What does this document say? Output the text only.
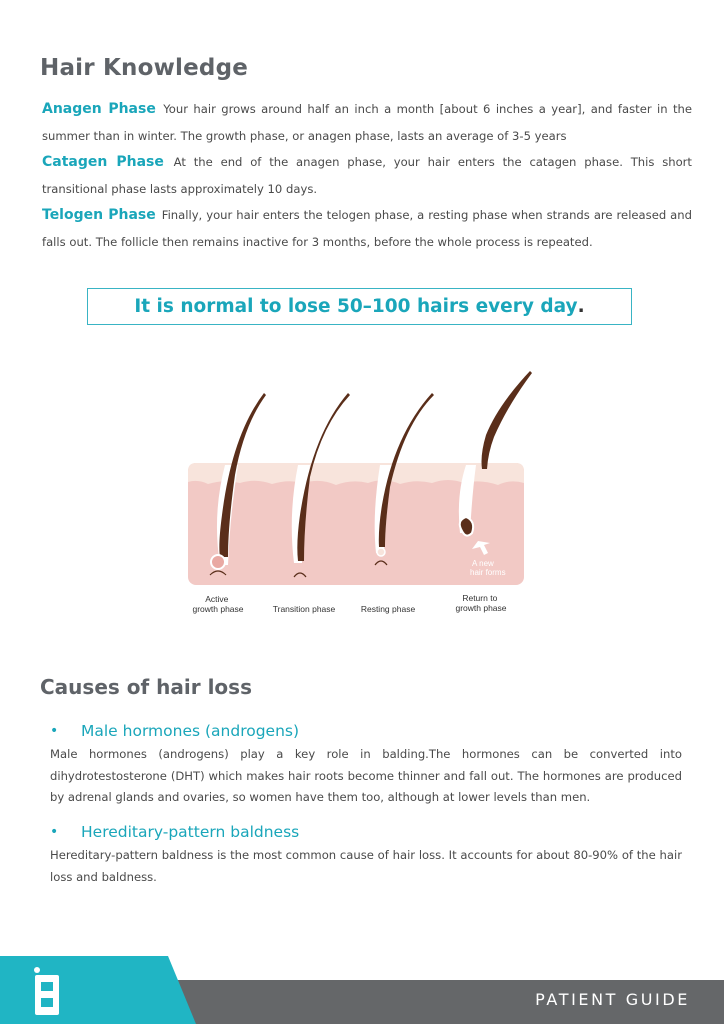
Hair Knowledge

Anagen Phase Your hair grows around half an inch a month [about 6 inches a year], and faster in the summer than in winter. The growth phase, or anagen phase, lasts an average of 3-5 years

Catagen Phase At the end of the anagen phase, your hair enters the catagen phase. This short transitional phase lasts approximately 10 days.

Telogen Phase Finally, your hair enters the telogen phase, a resting phase when strands are released and falls out. The follicle then remains inactive for 3 months, before the whole process is repeated.

It is normal to lose 50–100 hairs every day .
A new hair forms
Active growth phase	Transition phase	Resting phase
Return to growth phase
Causes of hair loss
•	Male hormones (androgens)

Male hormones (androgens) play a key role in balding.The hormones can be converted into dihydrotestosterone (DHT) which makes hair roots become thinner and fall out. The hormones are produced by adrenal glands and ovaries, so women have them too, although at lower levels than men.

•	Hereditary-pattern baldness

Hereditary-pattern baldness is the most common cause of hair loss. It accounts for about 80-90% of the hair loss and baldness.

PATIENT GUIDE
